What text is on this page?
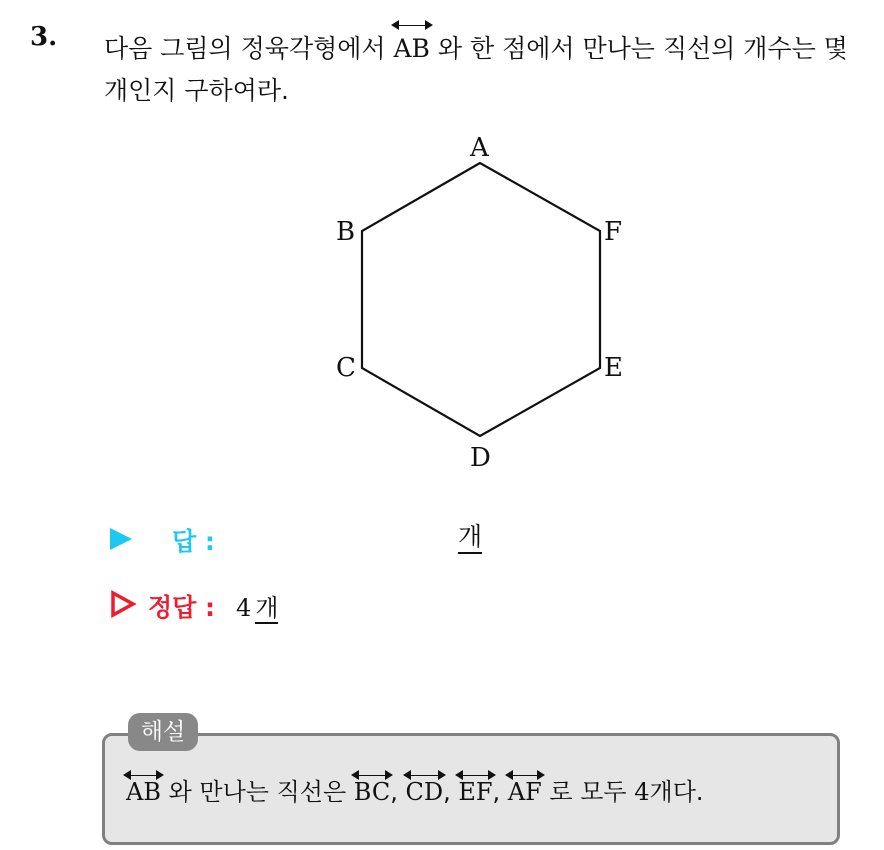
3. 다음 그림의 정육각형에서
AB ↔ 와 한 점에서 만나는 직선의 개수는 몇 개인지 구하여라.
A
B
C
D
E
F
답 :	개
정답 : 4 개
해설
AB ↔ 와 만나는 직선은
BC ↔,
CD ↔,
EF ↔,
AF ↔ 로 모두 4개다.
